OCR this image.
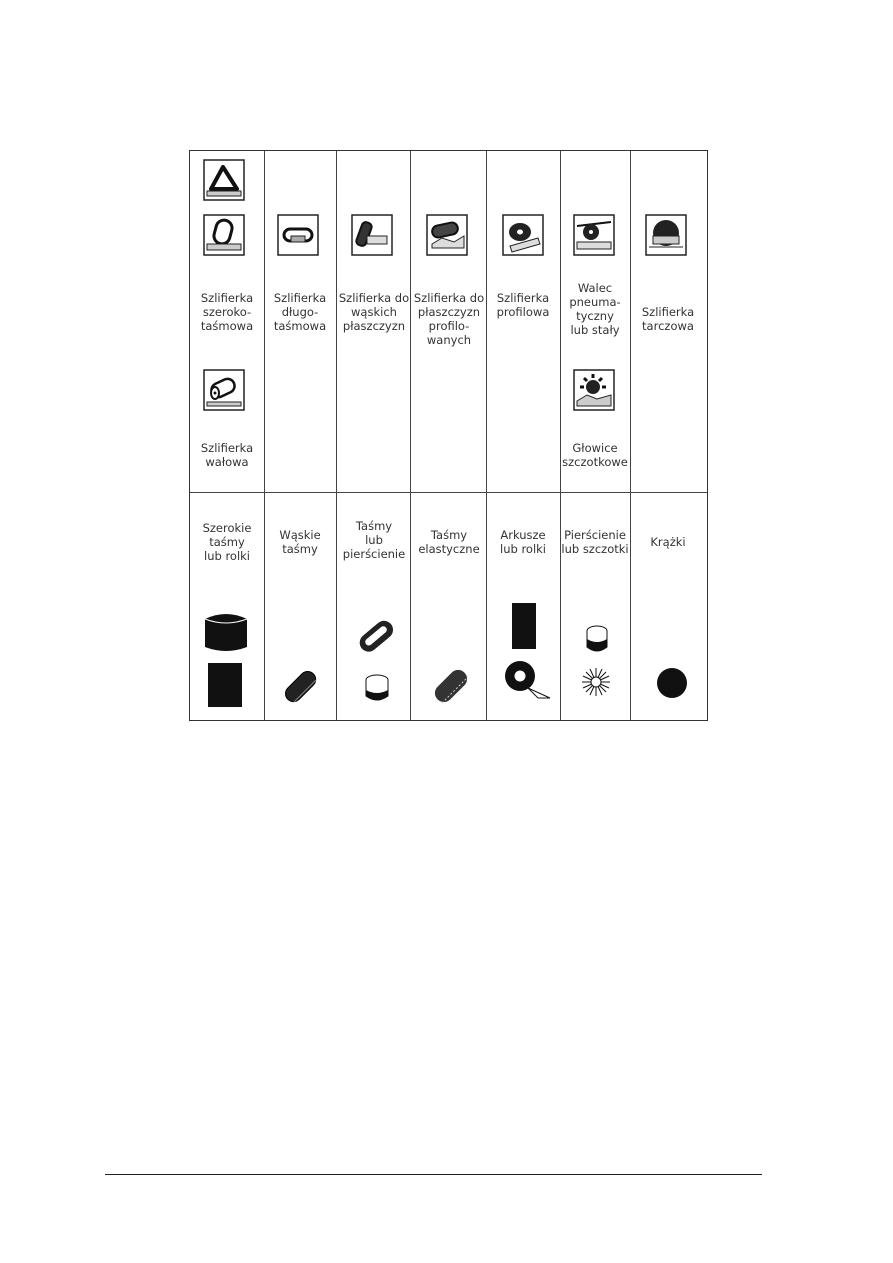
Szlifierka
szeroko-
taśmowa
Szlifierka
długo-
taśmowa
Szlifierka do
wąskich
płaszczyzn
Szlifierka do
płaszczyzn
profilo-
wanych
Szlifierka
profilowa
Walec
pneuma-
tyczny
lub stały
Szlifierka
tarczowa
Szlifierka
wałowa
Głowice
szczotkowe
Szerokie
taśmy
lub rolki
Wąskie
taśmy
Taśmy
lub
pierścienie
Taśmy
elastyczne
Arkusze
lub rolki
Pierścienie
lub szczotki	Krążki
